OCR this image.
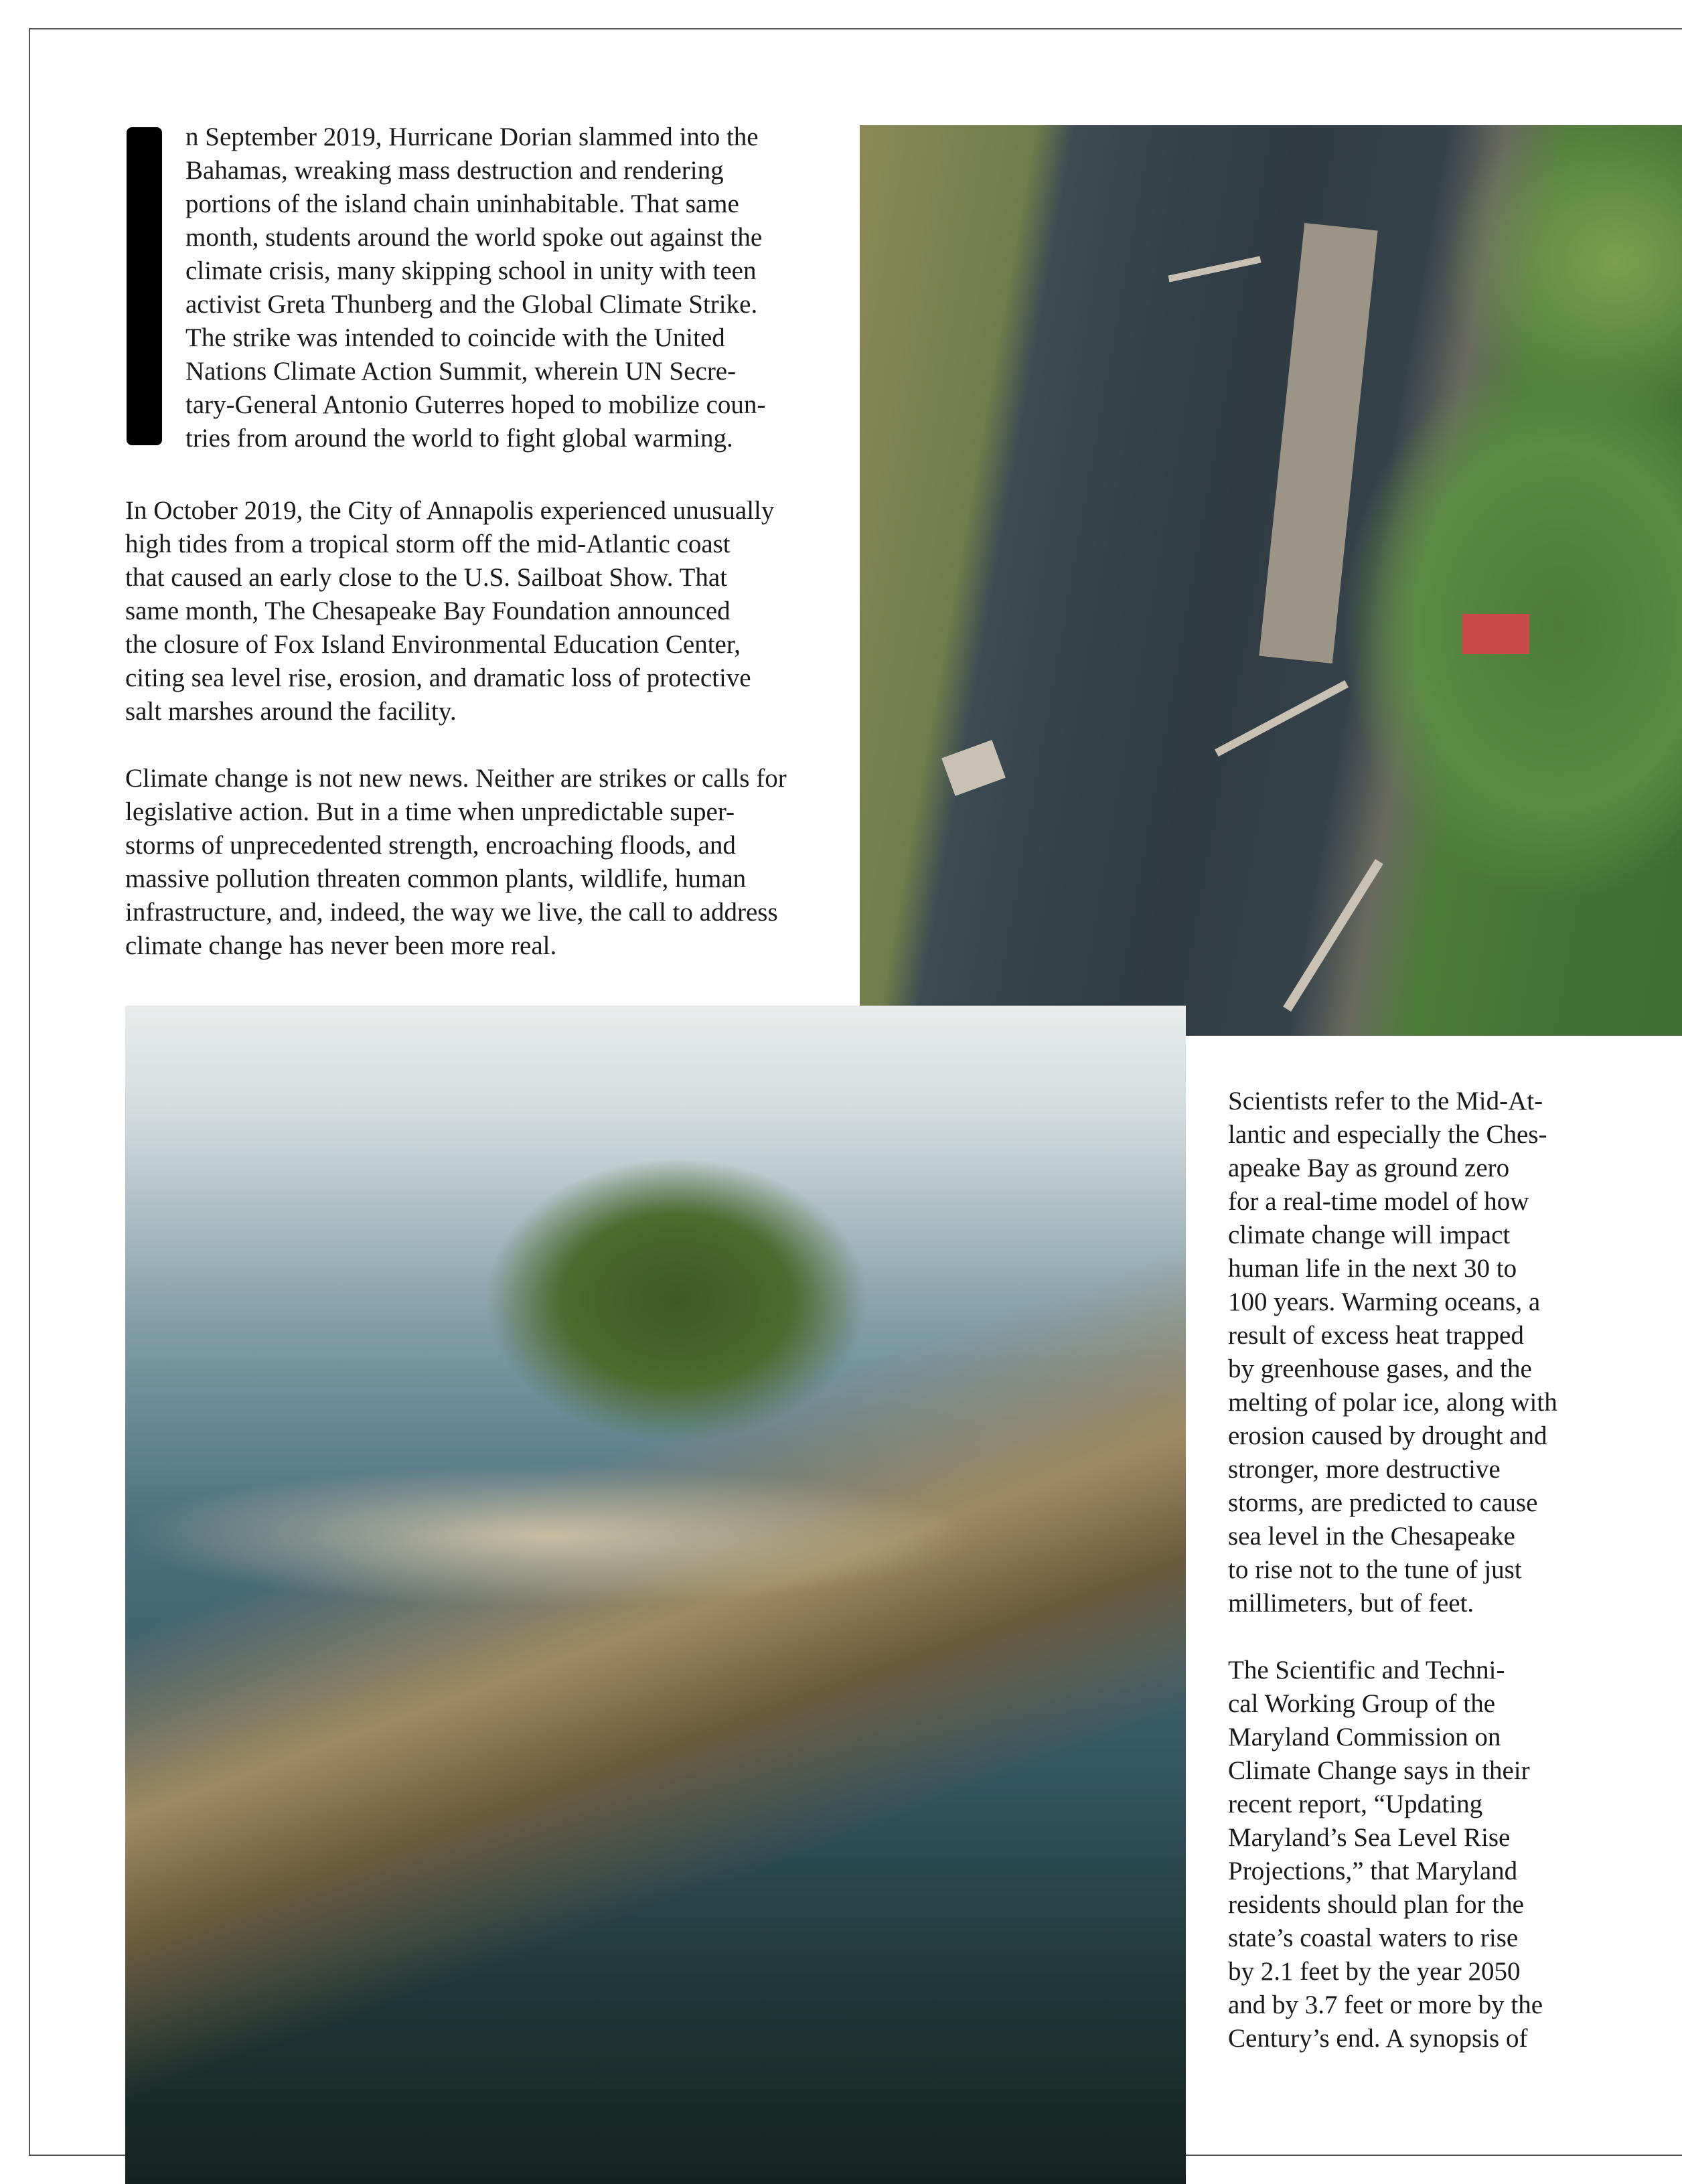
n September 2019, Hurricane Dorian slammed into the
Bahamas, wreaking mass destruction and rendering
portions of the island chain uninhabitable. That same
month, students around the world spoke out against the
climate crisis, many skipping school in unity with teen
activist Greta Thunberg and the Global Climate Strike.
The strike was intended to coincide with the United
Nations Climate Action Summit, wherein UN Secre-
tary-General Antonio Guterres hoped to mobilize coun-
tries from around the world to fight global warming.
In October 2019, the City of Annapolis experienced unusually
high tides from a tropical storm off the mid-Atlantic coast
that caused an early close to the U.S. Sailboat Show. That
same month, The Chesapeake Bay Foundation announced
the closure of Fox Island Environmental Education Center,
citing sea level rise, erosion, and dramatic loss of protective
salt marshes around the facility.
Climate change is not new news. Neither are strikes or calls for
legislative action. But in a time when unpredictable super-
storms of unprecedented strength, encroaching floods, and
massive pollution threaten common plants, wildlife, human
infrastructure, and, indeed, the way we live, the call to address
climate change has never been more real.
Scientists refer to the Mid-At-
lantic and especially the Ches-
apeake Bay as ground zero
for a real-time model of how
climate change will impact
human life in the next 30 to
100 years. Warming oceans, a
result of excess heat trapped
by greenhouse gases, and the
melting of polar ice, along with
erosion caused by drought and
stronger, more destructive
storms, are predicted to cause
sea level in the Chesapeake
to rise not to the tune of just
millimeters, but of feet.
The Scientific and Techni-
cal Working Group of the
Maryland Commission on
Climate Change says in their
recent report, “Updating
Maryland’s Sea Level Rise
Projections,” that Maryland
residents should plan for the
state’s coastal waters to rise
by 2.1 feet by the year 2050
and by 3.7 feet or more by the
Century’s end. A synopsis of
